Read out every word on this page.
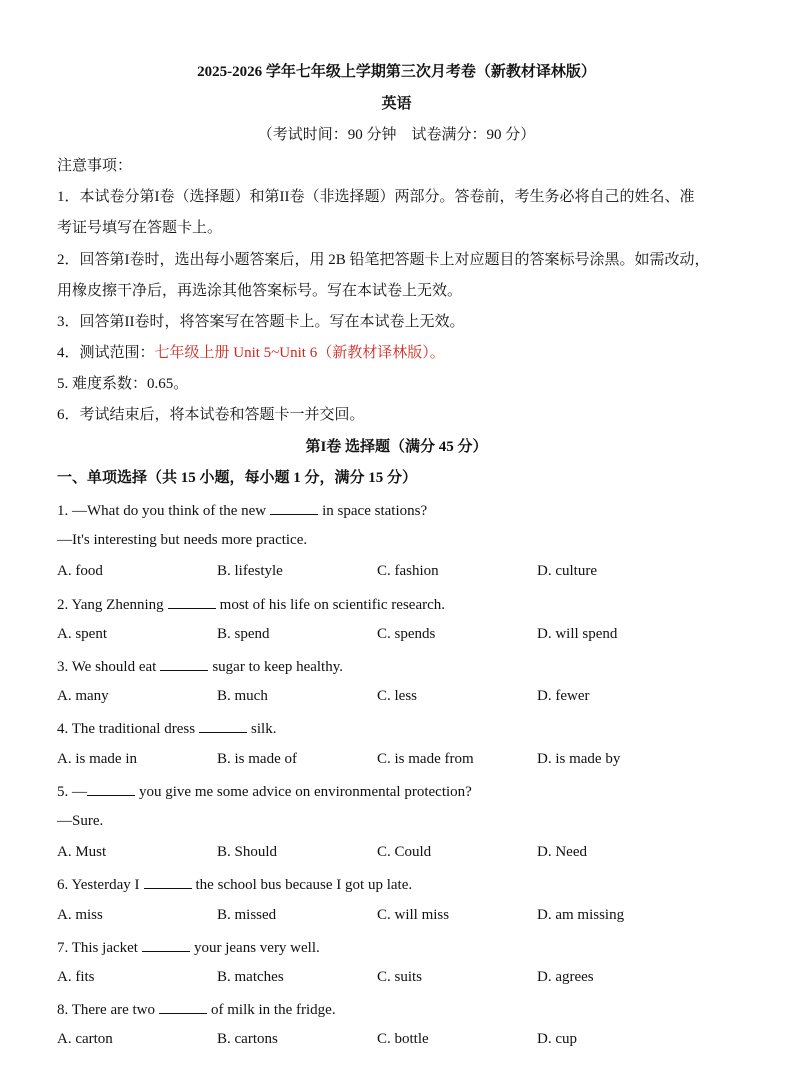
2025-2026 学年七年级上学期第三次月考卷（新教材译林版）
英语
（考试时间：90 分钟　试卷满分：90 分）
注意事项：
1．本试卷分第I卷（选择题）和第II卷（非选择题）两部分。答卷前，考生务必将自己的姓名、准
考证号填写在答题卡上。
2．回答第I卷时，选出每小题答案后，用 2B 铅笔把答题卡上对应题目的答案标号涂黑。如需改动，
用橡皮擦干净后，再选涂其他答案标号。写在本试卷上无效。
3．回答第II卷时，将答案写在答题卡上。写在本试卷上无效。
4．测试范围：七年级上册 Unit 5~Unit 6（新教材译林版）。
5. 难度系数：0.65。
6．考试结束后，将本试卷和答题卡一并交回。
第I卷 选择题（满分 45 分）
一、单项选择（共 15 小题，每小题 1 分，满分 15 分）
1. —What do you think of the new	in space stations?
—It's interesting but needs more practice.
A. food	B. lifestyle	C. fashion	D. culture
2. Yang Zhenning	most of his life on scientific research.
A. spent	B. spend	C. spends	D. will spend
3. We should eat	sugar to keep healthy.
A. many	B. much	C. less	D. fewer
4. The traditional dress	silk.
A. is made in	B. is made of	C. is made from	D. is made by
5. —	you give me some advice on environmental protection?
—Sure.
A. Must	B. Should	C. Could	D. Need
6. Yesterday I	the school bus because I got up late.
A. miss	B. missed	C. will miss	D. am missing
7. This jacket	your jeans very well.
A. fits	B. matches	C. suits	D. agrees
8. There are two	of milk in the fridge.
A. carton	B. cartons	C. bottle	D. cup
